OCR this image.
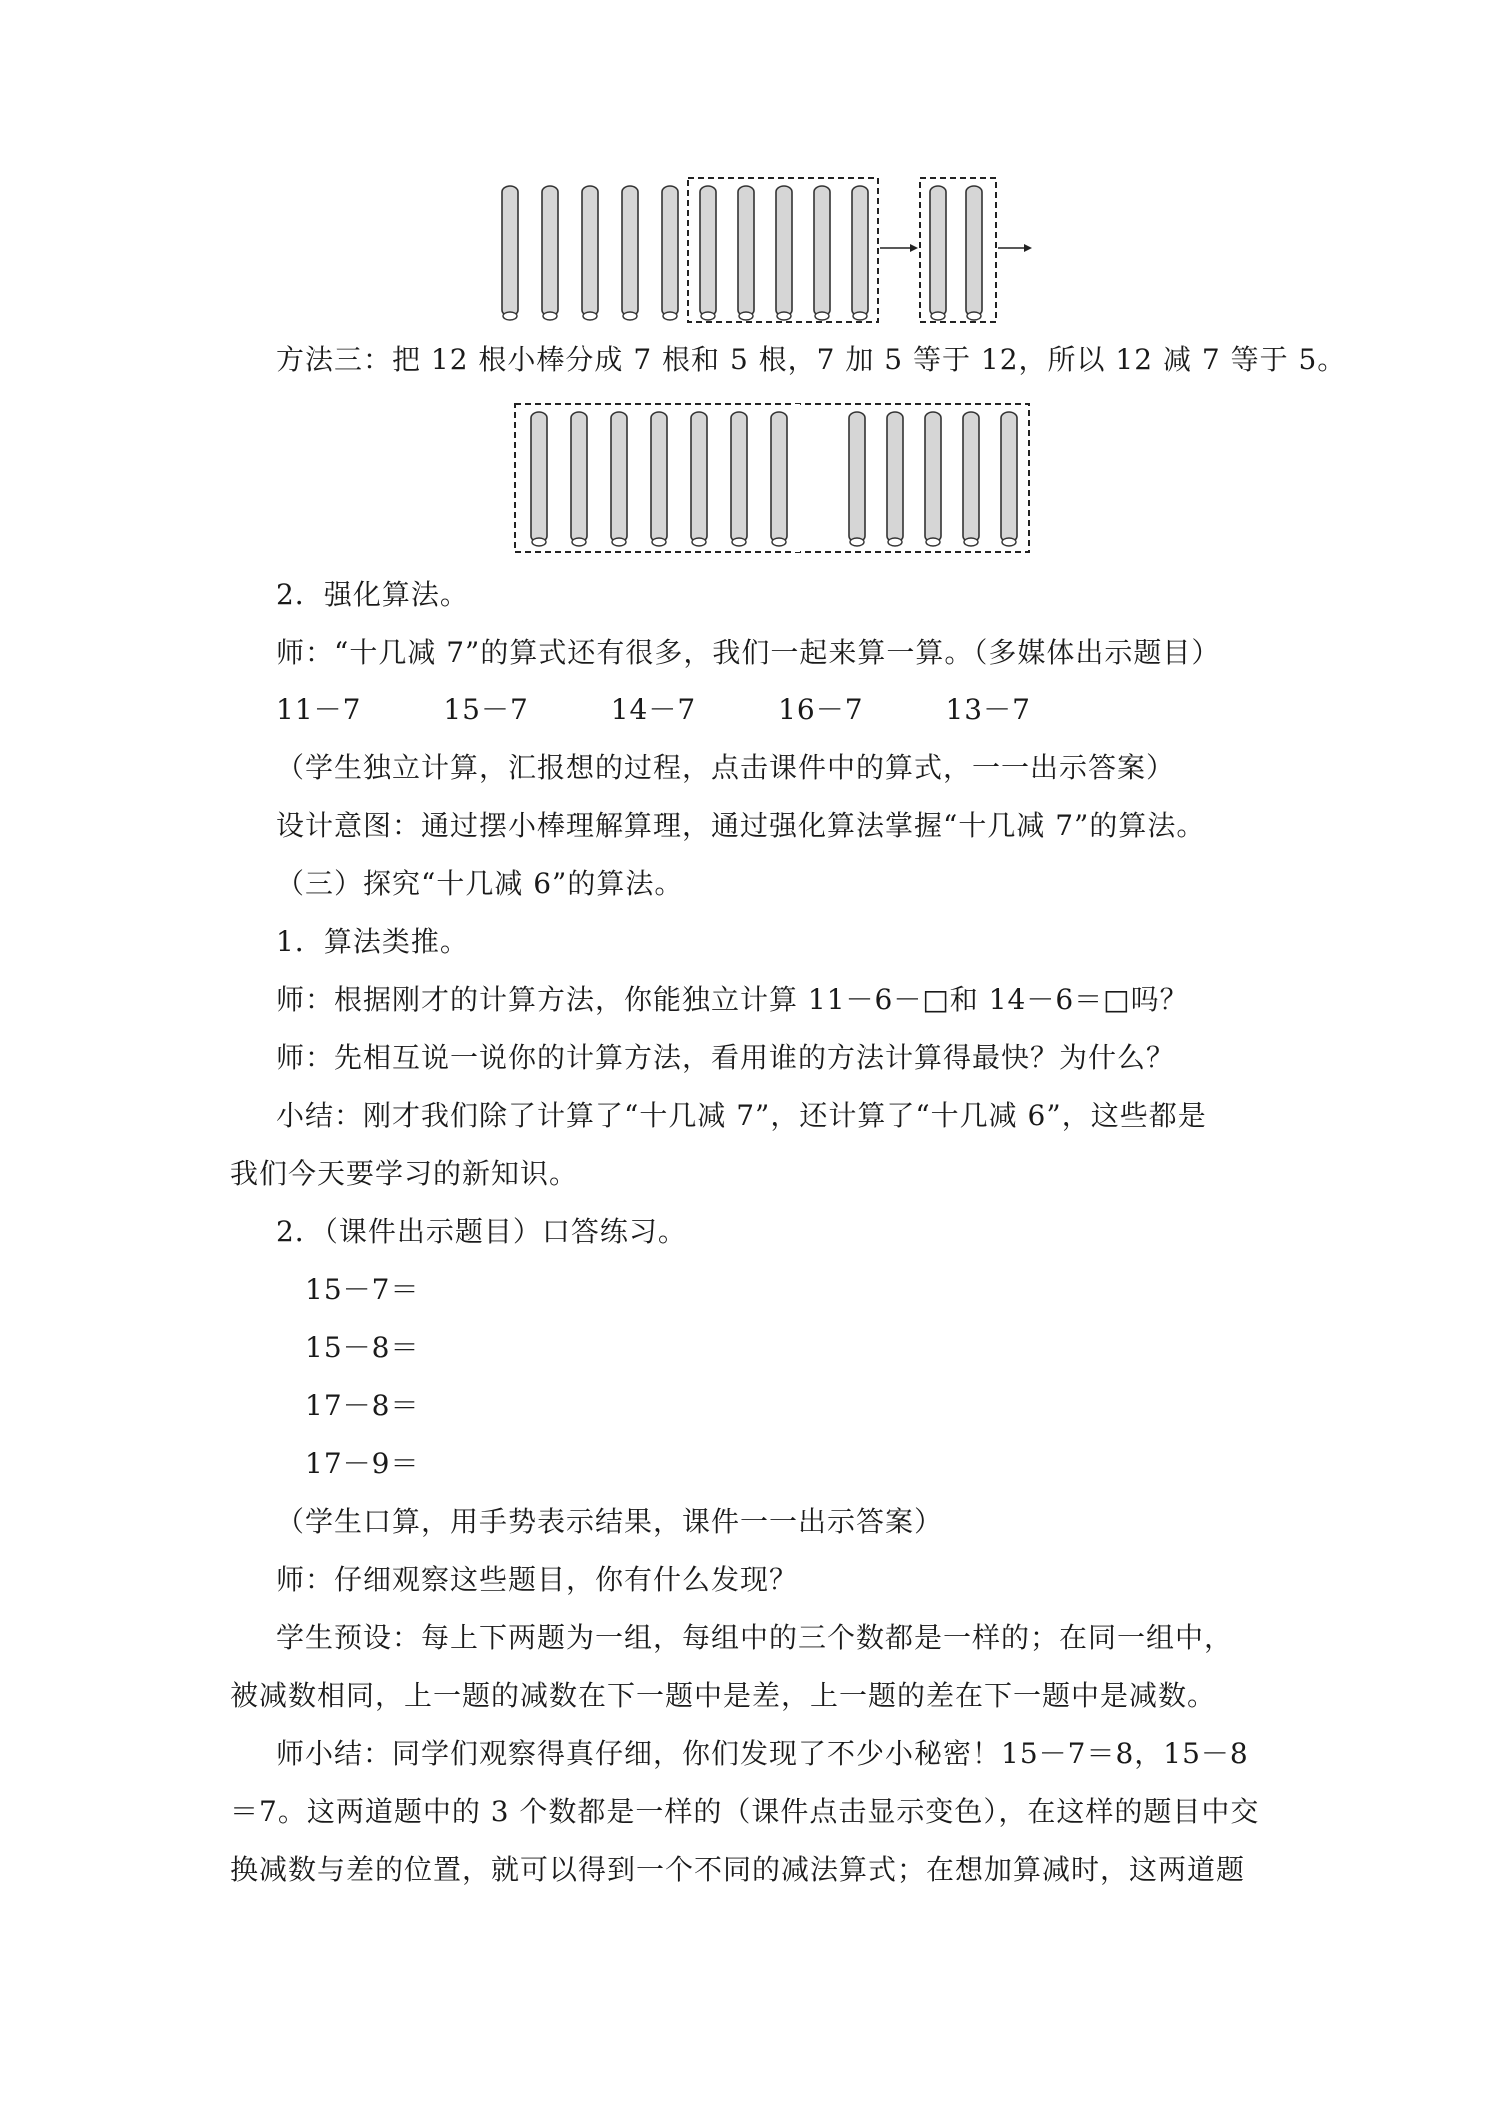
方法三：把 12 根小棒分成 7 根和 5 根，7 加 5 等于 12，所以 12 减 7 等于 5。
2．强化算法。
师：“十几减 7”的算式还有很多，我们一起来算一算。（多媒体出示题目）
11－7	15－7	14－7	16－7	13－7
（学生独立计算，汇报想的过程，点击课件中的算式，一一出示答案）
设计意图：通过摆小棒理解算理，通过强化算法掌握“十几减 7”的算法。
（三）探究“十几减 6”的算法。
1．算法类推。
师：根据刚才的计算方法，你能独立计算 11－6－□和 14－6＝□吗？
师：先相互说一说你的计算方法，看用谁的方法计算得最快？为什么？
小结：刚才我们除了计算了“十几减 7”，还计算了“十几减 6”，这些都是
我们今天要学习的新知识。
2．（课件出示题目）口答练习。
15－7＝
15－8＝
17－8＝
17－9＝
（学生口算，用手势表示结果，课件一一出示答案）
师：仔细观察这些题目，你有什么发现？
学生预设：每上下两题为一组，每组中的三个数都是一样的；在同一组中，
被减数相同，上一题的减数在下一题中是差，上一题的差在下一题中是减数。
师小结：同学们观察得真仔细，你们发现了不少小秘密！15－7＝8，15－8
＝7。这两道题中的 3 个数都是一样的（课件点击显示变色），在这样的题目中交
换减数与差的位置，就可以得到一个不同的减法算式；在想加算减时，这两道题
